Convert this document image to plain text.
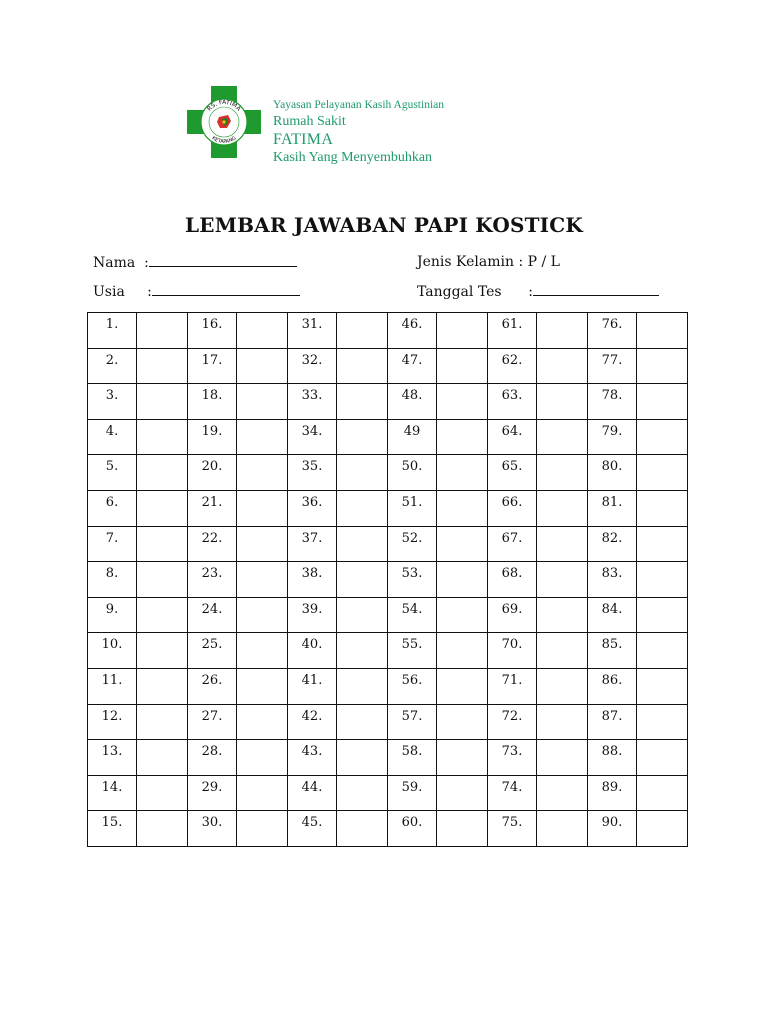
RS. FATIMA
KETAPANG
Yayasan Pelayanan Kasih Agustinian
Rumah Sakit
FATIMA
Kasih Yang Menyembuhkan
LEMBAR JAWABAN PAPI KOSTICK
Nama :
Usia :
Jenis Kelamin : P / L
Tanggal Tes :
1.		16.		31.		46.		61.		76.	
2.		17.		32.		47.		62.		77.	
3.		18.		33.		48.		63.		78.	
4.		19.		34.		49		64.		79.	
5.		20.		35.		50.		65.		80.	
6.		21.		36.		51.		66.		81.	
7.		22.		37.		52.		67.		82.	
8.		23.		38.		53.		68.		83.	
9.		24.		39.		54.		69.		84.	
10.		25.		40.		55.		70.		85.	
11.		26.		41.		56.		71.		86.	
12.		27.		42.		57.		72.		87.	
13.		28.		43.		58.		73.		88.	
14.		29.		44.		59.		74.		89.	
15.		30.		45.		60.		75.		90.	
